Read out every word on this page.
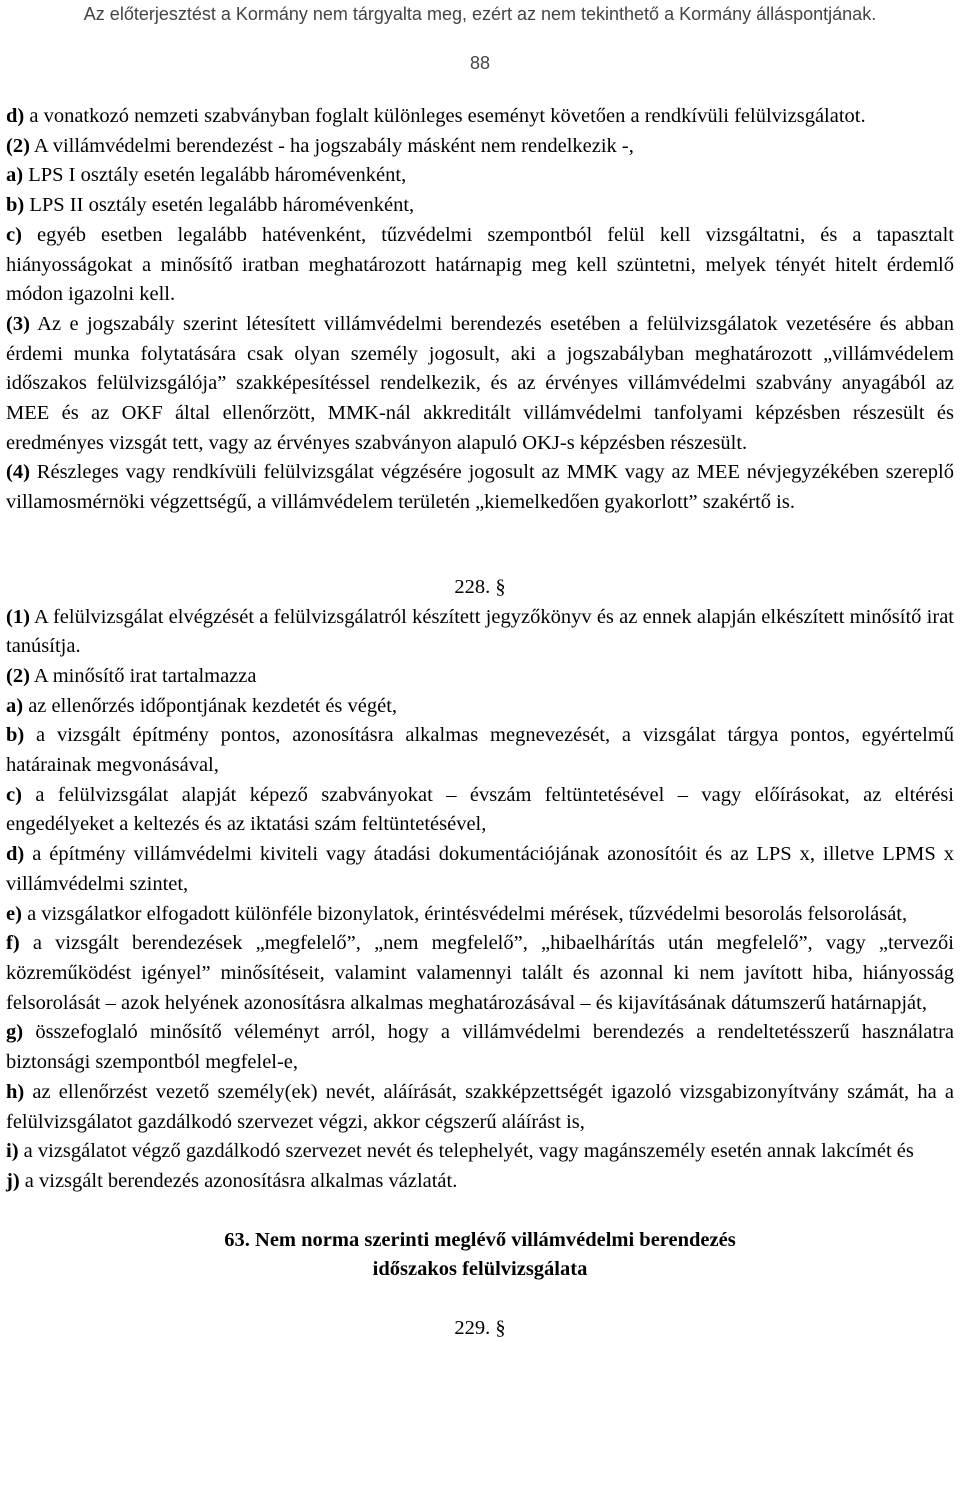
Az előterjesztést a Kormány nem tárgyalta meg, ezért az nem tekinthető a Kormány álláspontjának.
88

d) a vonatkozó nemzeti szabványban foglalt különleges eseményt követően a rendkívüli felülvizsgálatot.

(2) A villámvédelmi berendezést - ha jogszabály másként nem rendelkezik -,

a) LPS I osztály esetén legalább háromévenként,

b) LPS II osztály esetén legalább háromévenként,

c) egyéb esetben legalább hatévenként, tűzvédelmi szempontból felül kell vizsgáltatni, és a tapasztalt hiányosságokat a minősítő iratban meghatározott határnapig meg kell szüntetni, melyek tényét hitelt érdemlő módon igazolni kell.

(3) Az e jogszabály szerint létesített villámvédelmi berendezés esetében a felülvizsgálatok vezetésére és abban érdemi munka folytatására csak olyan személy jogosult, aki a jogszabályban meghatározott „villámvédelem időszakos felülvizsgálója” szakképesítéssel rendelkezik, és az érvényes villámvédelmi szabvány anyagából az MEE és az OKF által ellenőrzött, MMK-nál akkreditált villámvédelmi tanfolyami képzésben részesült és eredményes vizsgát tett, vagy az érvényes szabványon alapuló OKJ-s képzésben részesült.

(4) Részleges vagy rendkívüli felülvizsgálat végzésére jogosult az MMK vagy az MEE névjegyzékében szereplő villamosmérnöki végzettségű, a villámvédelem területén „kiemelkedően gyakorlott” szakértő is.

228. §

(1) A felülvizsgálat elvégzését a felülvizsgálatról készített jegyzőkönyv és az ennek alapján elkészített minősítő irat tanúsítja.

(2) A minősítő irat tartalmazza

a) az ellenőrzés időpontjának kezdetét és végét,

b) a vizsgált építmény pontos, azonosításra alkalmas megnevezését, a vizsgálat tárgya pontos, egyértelmű határainak megvonásával,

c) a felülvizsgálat alapját képező szabványokat – évszám feltüntetésével – vagy előírásokat, az eltérési engedélyeket a keltezés és az iktatási szám feltüntetésével,

d) a építmény villámvédelmi kiviteli vagy átadási dokumentációjának azonosítóit és az LPS x, illetve LPMS x villámvédelmi szintet,

e) a vizsgálatkor elfogadott különféle bizonylatok, érintésvédelmi mérések, tűzvédelmi besorolás felsorolását,

f) a vizsgált berendezések „megfelelő”, „nem megfelelő”, „hibaelhárítás után megfelelő”, vagy „tervezői közreműködést igényel” minősítéseit, valamint valamennyi talált és azonnal ki nem javított hiba, hiányosság felsorolását – azok helyének azonosításra alkalmas meghatározásával – és kijavításának dátumszerű határnapját,

g) összefoglaló minősítő véleményt arról, hogy a villámvédelmi berendezés a rendeltetésszerű használatra biztonsági szempontból megfelel-e,

h) az ellenőrzést vezető személy(ek) nevét, aláírását, szakképzettségét igazoló vizsgabizonyítvány számát, ha a felülvizsgálatot gazdálkodó szervezet végzi, akkor cégszerű aláírást is,

i) a vizsgálatot végző gazdálkodó szervezet nevét és telephelyét, vagy magánszemély esetén annak lakcímét és

j) a vizsgált berendezés azonosításra alkalmas vázlatát.

63. Nem norma szerinti meglévő villámvédelmi berendezés
időszakos felülvizsgálata

229. §
